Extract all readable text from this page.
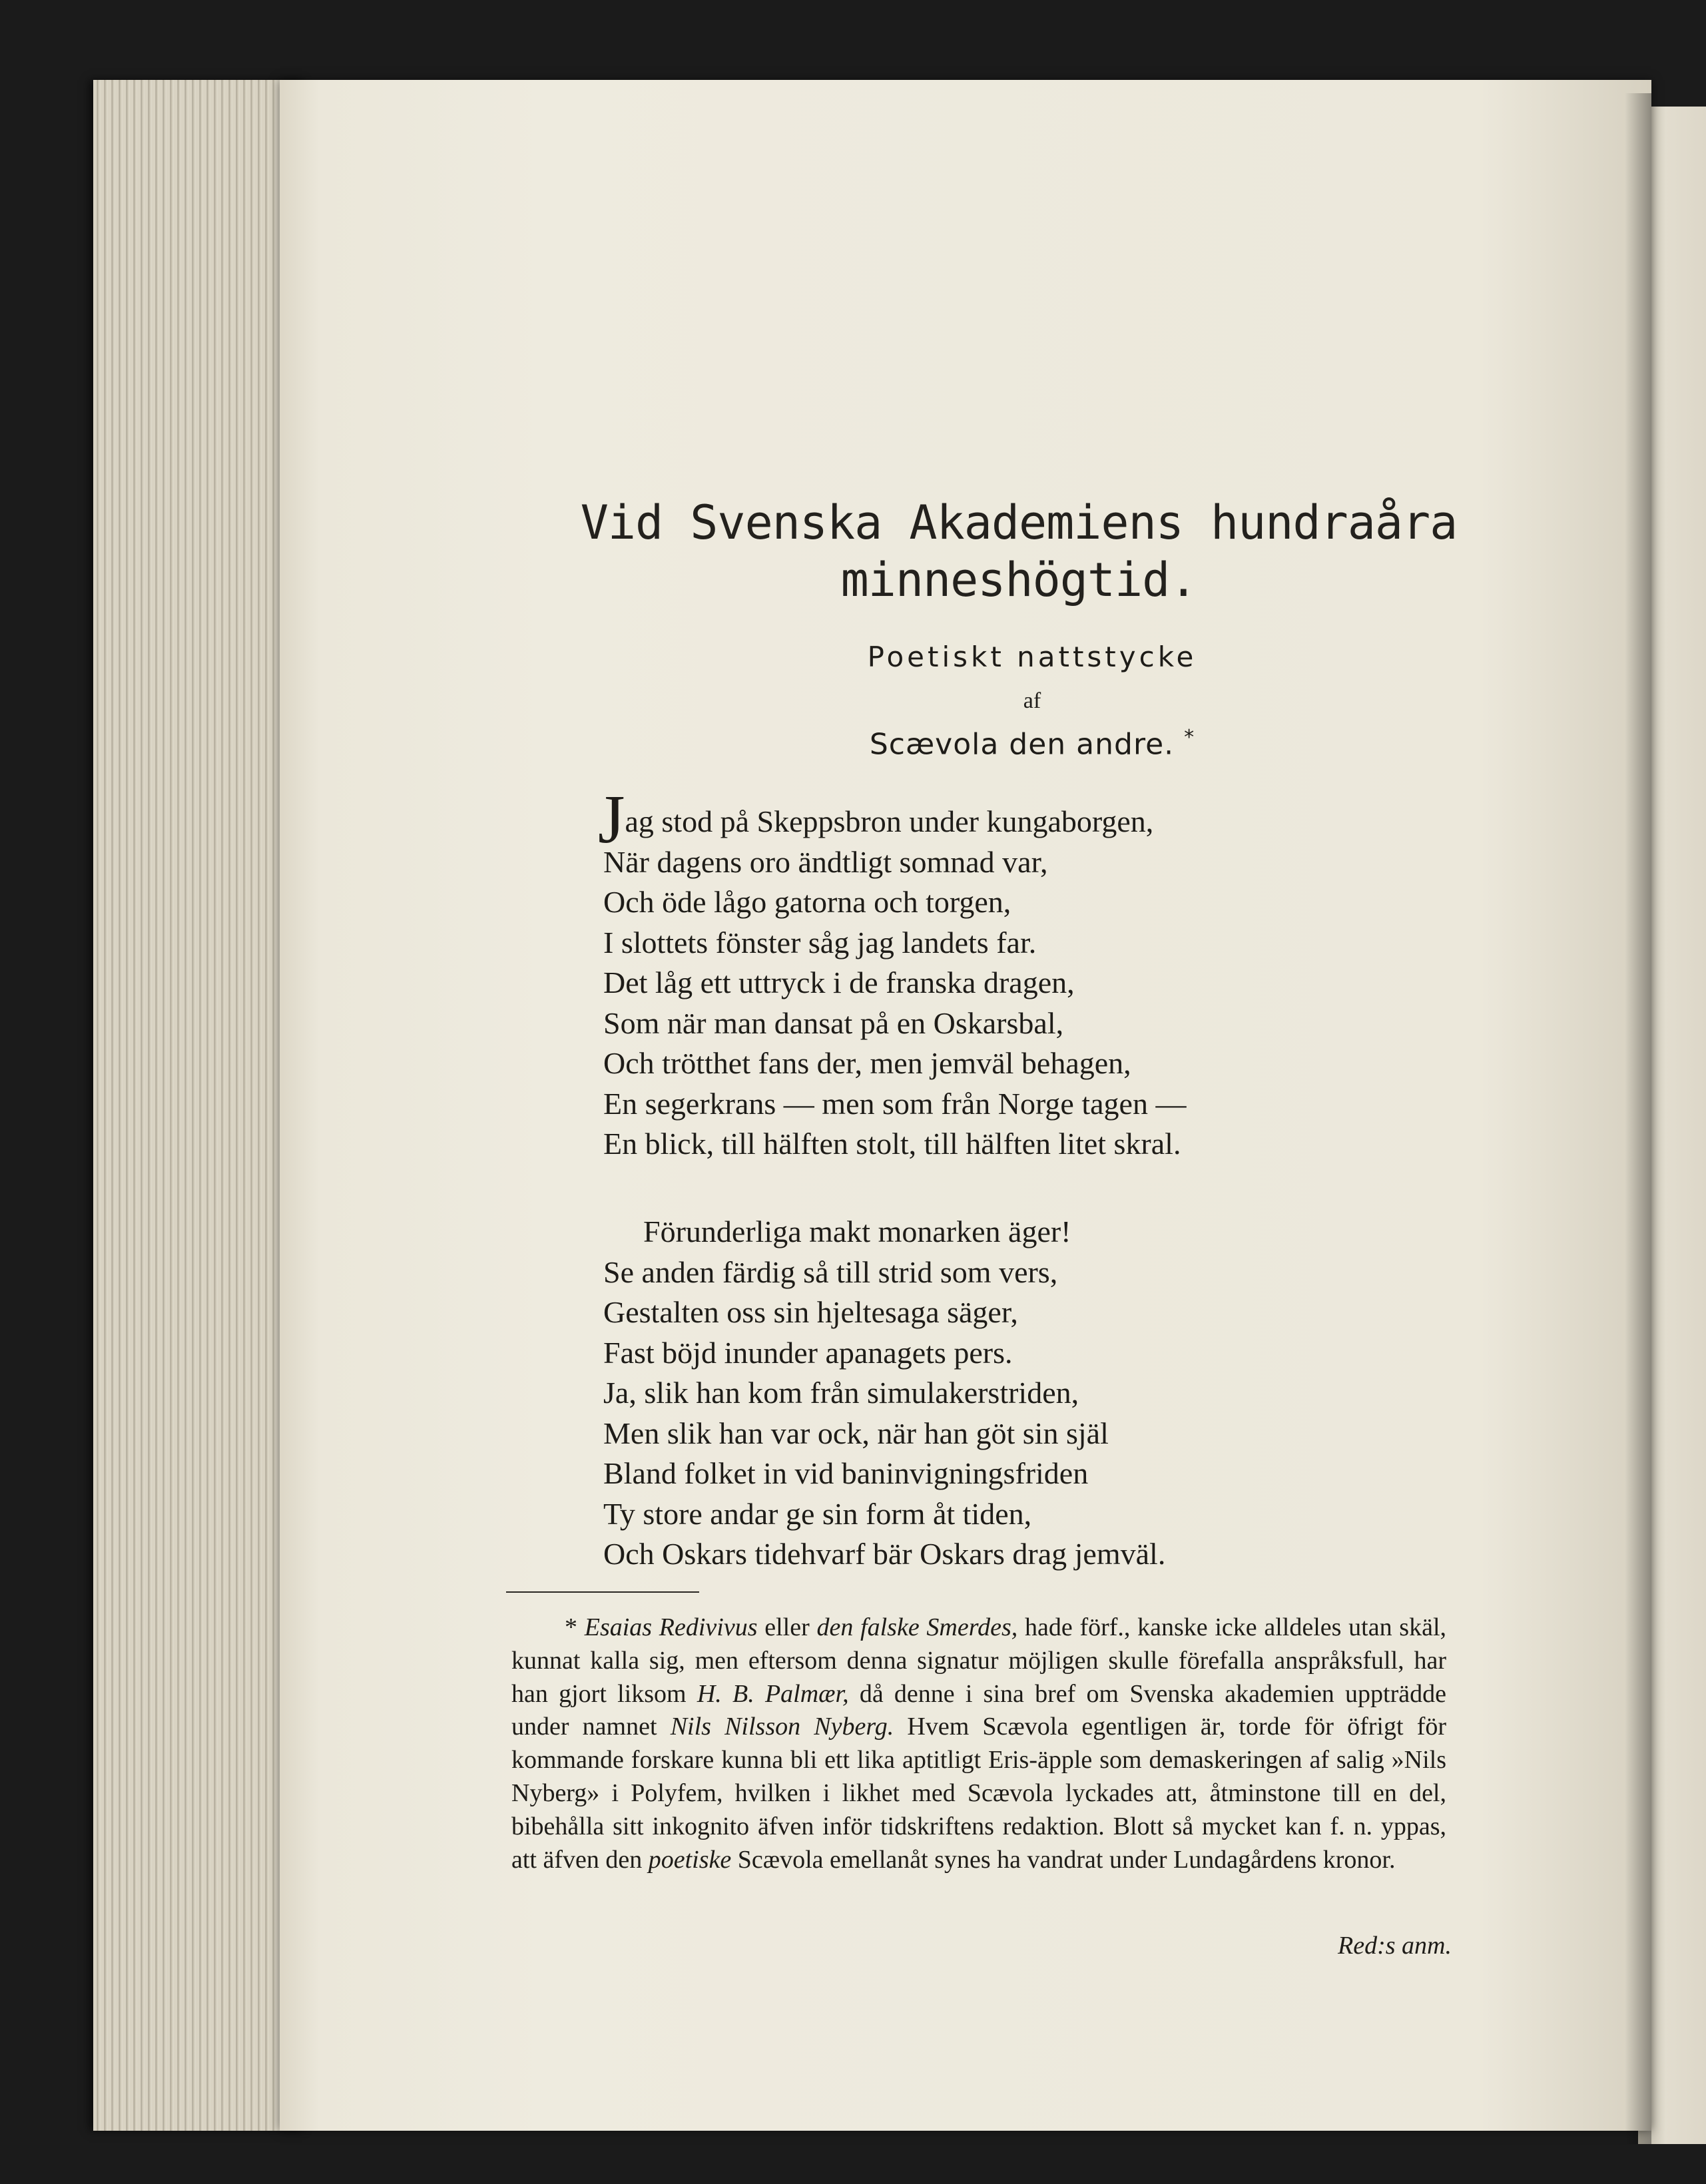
Vid Svenska Akademiens hundraåra
minneshögtid.
Poetiskt nattstycke
af
Scævola den andre. *
Jag stod på Skeppsbron under kungaborgen,
När dagens oro ändtligt somnad var,
Och öde lågo gatorna och torgen,
I slottets fönster såg jag landets far.
Det låg ett uttryck i de franska dragen,
Som när man dansat på en Oskarsbal,
Och trötthet fans der, men jemväl behagen,
En segerkrans — men som från Norge tagen —
En blick, till hälften stolt, till hälften litet skral.
Förunderliga makt monarken äger!
Se anden färdig så till strid som vers,
Gestalten oss sin hjeltesaga säger,
Fast böjd inunder apanagets pers.
Ja, slik han kom från simulakerstriden,
Men slik han var ock, när han göt sin själ
Bland folket in vid baninvigningsfriden
Ty store andar ge sin form åt tiden,
Och Oskars tidehvarf bär Oskars drag jemväl.

* Esaias Redivivus eller den falske Smerdes, hade förf., kanske icke alldeles utan skäl, kunnat kalla sig, men eftersom denna signatur möjligen skulle förefalla anspråksfull, har han gjort liksom H. B. Palmær, då denne i sina bref om Svenska akademien uppträdde under namnet Nils Nilsson Nyberg. Hvem Scævola egentligen är, torde för öfrigt för kommande forskare kunna bli ett lika aptitligt Eris-äpple som demaskeringen af salig »Nils Nyberg» i Polyfem, hvilken i likhet med Scævola lyckades att, åtminstone till en del, bibehålla sitt inkognito äfven inför tidskriftens redaktion. Blott så mycket kan f. n. yppas, att äfven den poetiske Scævola emellanåt synes ha vandrat under Lundagårdens kronor.

Red:s anm.
